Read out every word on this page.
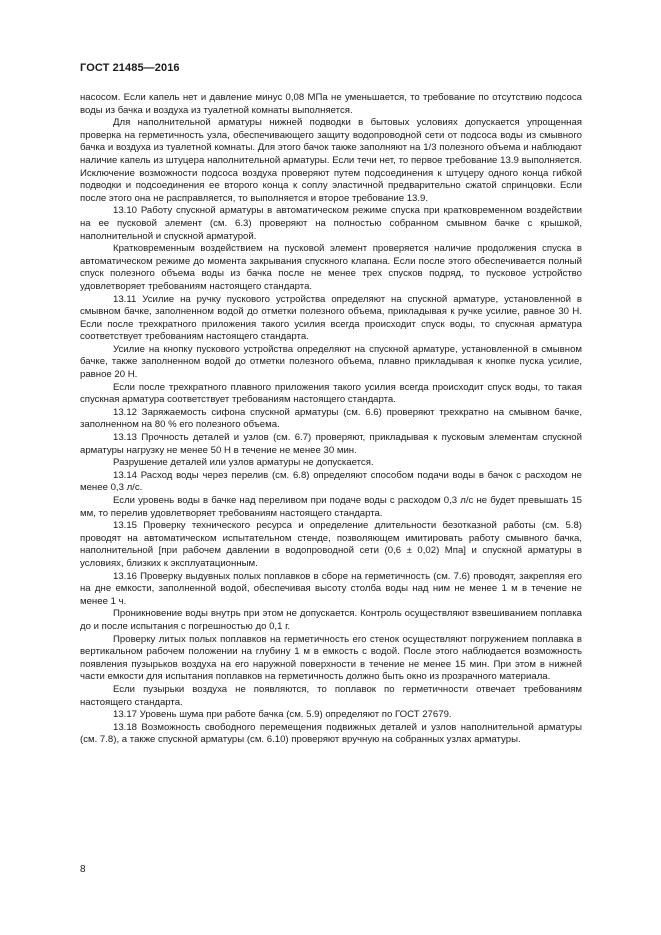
ГОСТ 21485—2016

насосом. Если капель нет и давление минус 0,08 МПа не уменьшается, то требование по отсутствию подсоса воды из бачка и воздуха из туалетной комнаты выполняется.

Для наполнительной арматуры нижней подводки в бытовых условиях допускается упрощенная проверка на герметичность узла, обеспечивающего защиту водопроводной сети от подсоса воды из смывного бачка и воздуха из туалетной комнаты. Для этого бачок также заполняют на 1/3 полезного объема и наблюдают наличие капель из штуцера наполнительной арматуры. Если течи нет, то первое требование 13.9 выполняется. Исключение возможности подсоса воздуха проверяют путем подсоединения к штуцеру одного конца гибкой подводки и подсоединения ее второго конца к соплу эластичной предварительно сжатой спринцовки. Если после этого она не расправляется, то выполняется и второе требование 13.9.

13.10 Работу спускной арматуры в автоматическом режиме спуска при кратковременном воздействии на ее пусковой элемент (см. 6.3) проверяют на полностью собранном смывном бачке с крышкой, наполнительной и спускной арматурой.

Кратковременным воздействием на пусковой элемент проверяется наличие продолжения спуска в автоматическом режиме до момента закрывания спускного клапана. Если после этого обеспечивается полный спуск полезного объема воды из бачка после не менее трех спусков подряд, то пусковое устройство удовлетворяет требованиям настоящего стандарта.

13.11 Усилие на ручку пускового устройства определяют на спускной арматуре, установленной в смывном бачке, заполненном водой до отметки полезного объема, прикладывая к ручке усилие, равное 30 Н. Если после трехкратного приложения такого усилия всегда происходит спуск воды, то спускная арматура соответствует требованиям настоящего стандарта.

Усилие на кнопку пускового устройства определяют на спускной арматуре, установленной в смывном бачке, также заполненном водой до отметки полезного объема, плавно прикладывая к кнопке пуска усилие, равное 20 Н.

Если после трехкратного плавного приложения такого усилия всегда происходит спуск воды, то такая спускная арматура соответствует требованиям настоящего стандарта.

13.12 Заряжаемость сифона спускной арматуры (см. 6.6) проверяют трехкратно на смывном бачке, заполненном на 80 % его полезного объема.

13.13 Прочность деталей и узлов (см. 6.7) проверяют, прикладывая к пусковым элементам спускной арматуры нагрузку не менее 50 Н в течение не менее 30 мин.

Разрушение деталей или узлов арматуры не допускается.

13.14 Расход воды через перелив (см. 6.8) определяют способом подачи воды в бачок с расходом не менее 0,3 л/с.

Если уровень воды в бачке над переливом при подаче воды с расходом 0,3 л/с не будет превышать 15 мм, то перелив удовлетворяет требованиям настоящего стандарта.

13.15 Проверку технического ресурса и определение длительности безотказной работы (см. 5.8) проводят на автоматическом испытательном стенде, позволяющем имитировать работу смывного бачка, наполнительной [при рабочем давлении в водопроводной сети (0,6 ± 0,02) Мпа] и спускной арматуры в условиях, близких к эксплуатационным.

13.16 Проверку выдувных полых поплавков в сборе на герметичность (см. 7.6) проводят, закрепляя его на дне емкости, заполненной водой, обеспечивая высоту столба воды над ним не менее 1 м в течение не менее 1 ч.

Проникновение воды внутрь при этом не допускается. Контроль осуществляют взвешиванием поплавка до и после испытания с погрешностью до 0,1 г.

Проверку литых полых поплавков на герметичность его стенок осуществляют погружением поплавка в вертикальном рабочем положении на глубину 1 м в емкость с водой. После этого наблюдается возможность появления пузырьков воздуха на его наружной поверхности в течение не менее 15 мин. При этом в нижней части емкости для испытания поплавков на герметичность должно быть окно из прозрачного материала.

Если пузырьки воздуха не появляются, то поплавок по герметичности отвечает требованиям настоящего стандарта.

13.17 Уровень шума при работе бачка (см. 5.9) определяют по ГОСТ 27679.

13.18 Возможность свободного перемещения подвижных деталей и узлов наполнительной арматуры (см. 7.8), а также спускной арматуры (см. 6.10) проверяют вручную на собранных узлах арматуры.

8
